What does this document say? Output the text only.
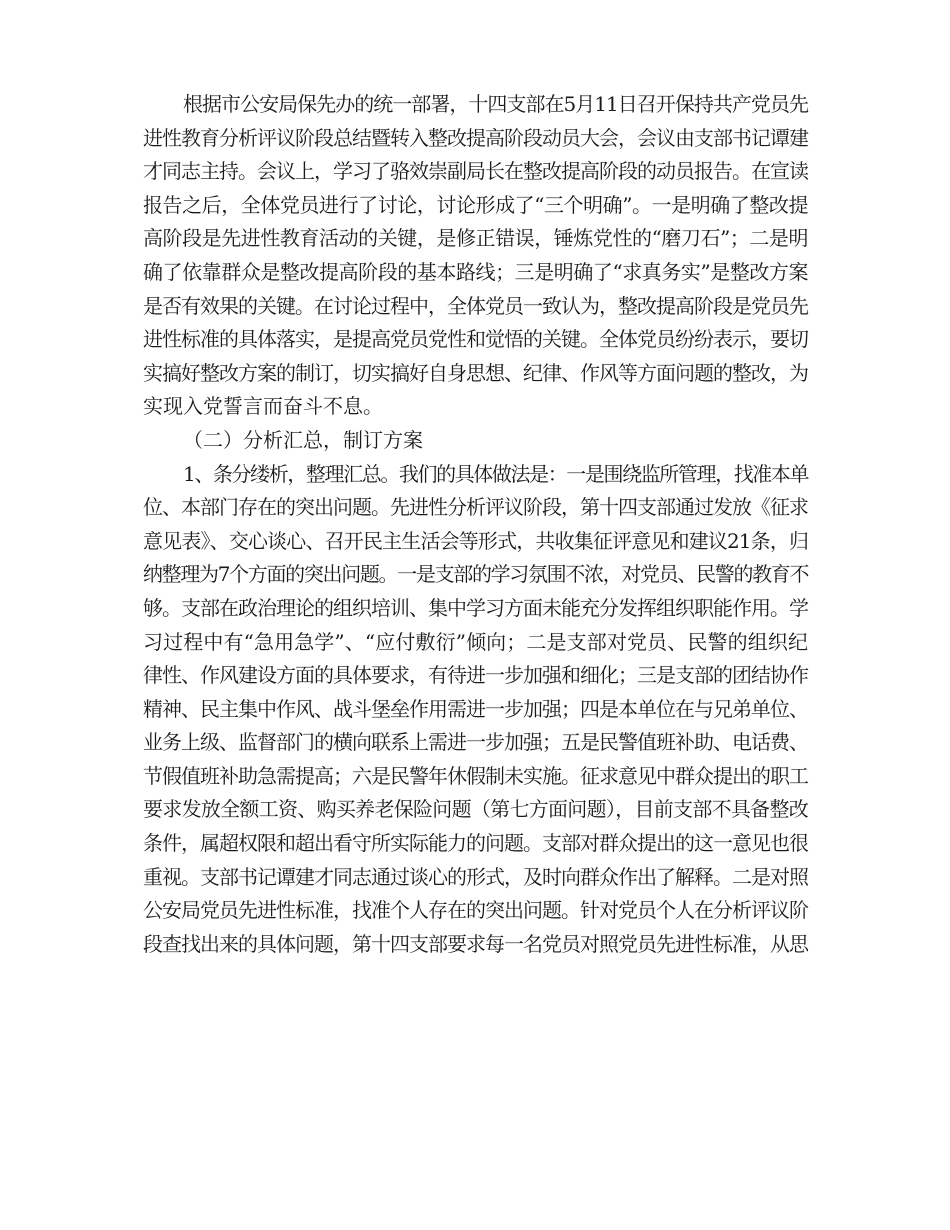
根据市公安局保先办的统一部署，十四支部在5月11日召开保持共产党员先
进性教育分析评议阶段总结暨转入整改提高阶段动员大会，会议由支部书记谭建
才同志主持。会议上，学习了骆效崇副局长在整改提高阶段的动员报告。在宣读
报告之后，全体党员进行了讨论，讨论形成了“三个明确”。一是明确了整改提
高阶段是先进性教育活动的关键，是修正错误，锤炼党性的“磨刀石”；二是明
确了依靠群众是整改提高阶段的基本路线；三是明确了“求真务实”是整改方案
是否有效果的关键。在讨论过程中，全体党员一致认为，整改提高阶段是党员先
进性标准的具体落实，是提高党员党性和觉悟的关键。全体党员纷纷表示，要切
实搞好整改方案的制订，切实搞好自身思想、纪律、作风等方面问题的整改，为
实现入党誓言而奋斗不息。
（二）分析汇总，制订方案
1、条分缕析，整理汇总。我们的具体做法是：一是围绕监所管理，找准本单
位、本部门存在的突出问题。先进性分析评议阶段，第十四支部通过发放《征求
意见表》、交心谈心、召开民主生活会等形式，共收集征评意见和建议21条，归
纳整理为7个方面的突出问题。一是支部的学习氛围不浓，对党员、民警的教育不
够。支部在政治理论的组织培训、集中学习方面未能充分发挥组织职能作用。学
习过程中有“急用急学”、“应付敷衍”倾向；二是支部对党员、民警的组织纪
律性、作风建设方面的具体要求，有待进一步加强和细化；三是支部的团结协作
精神、民主集中作风、战斗堡垒作用需进一步加强；四是本单位在与兄弟单位、
业务上级、监督部门的横向联系上需进一步加强；五是民警值班补助、电话费、
节假值班补助急需提高；六是民警年休假制未实施。征求意见中群众提出的职工
要求发放全额工资、购买养老保险问题（第七方面问题），目前支部不具备整改
条件，属超权限和超出看守所实际能力的问题。支部对群众提出的这一意见也很
重视。支部书记谭建才同志通过谈心的形式，及时向群众作出了解释。二是对照
公安局党员先进性标准，找准个人存在的突出问题。针对党员个人在分析评议阶
段查找出来的具体问题，第十四支部要求每一名党员对照党员先进性标准，从思
